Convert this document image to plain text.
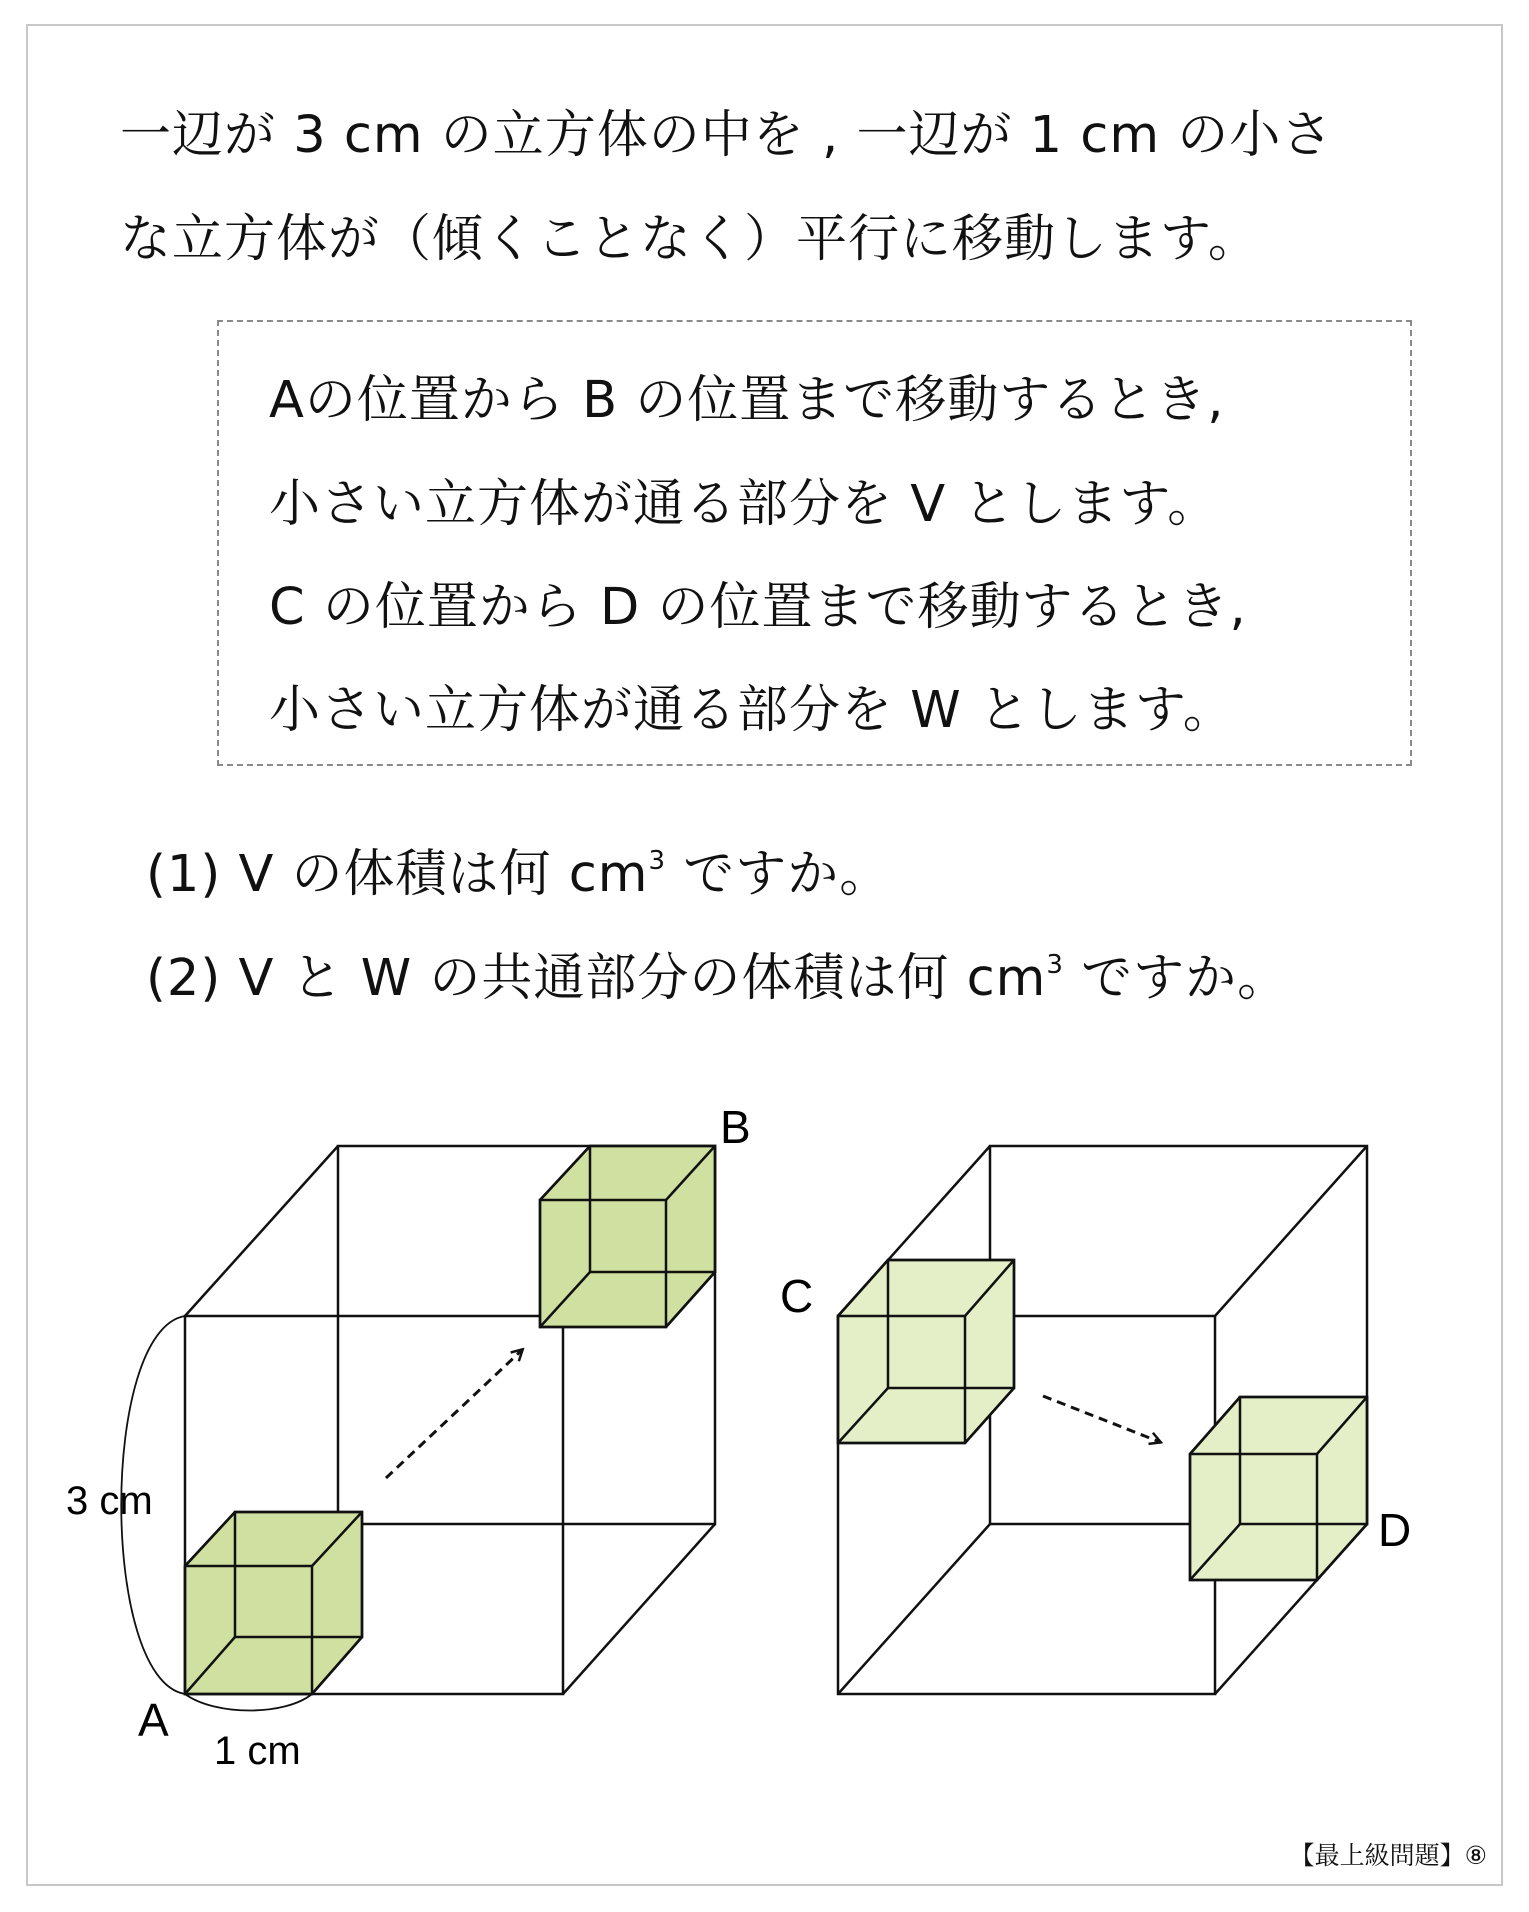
一辺が 3 cm の立方体の中を , 一辺が 1 cm の小さ

な立方体が（傾くことなく）平行に移動します。

Aの位置から B の位置まで移動するとき,

小さい立方体が通る部分を V とします。

C の位置から D の位置まで移動するとき,

小さい立方体が通る部分を W とします。

(1) V の体積は何 $cm^3$ ですか。
(2) V と W の共通部分の体積は何 $cm^3$ ですか。
B
A
C
D
3 cm
1 cm
【最上級問題】⑧
